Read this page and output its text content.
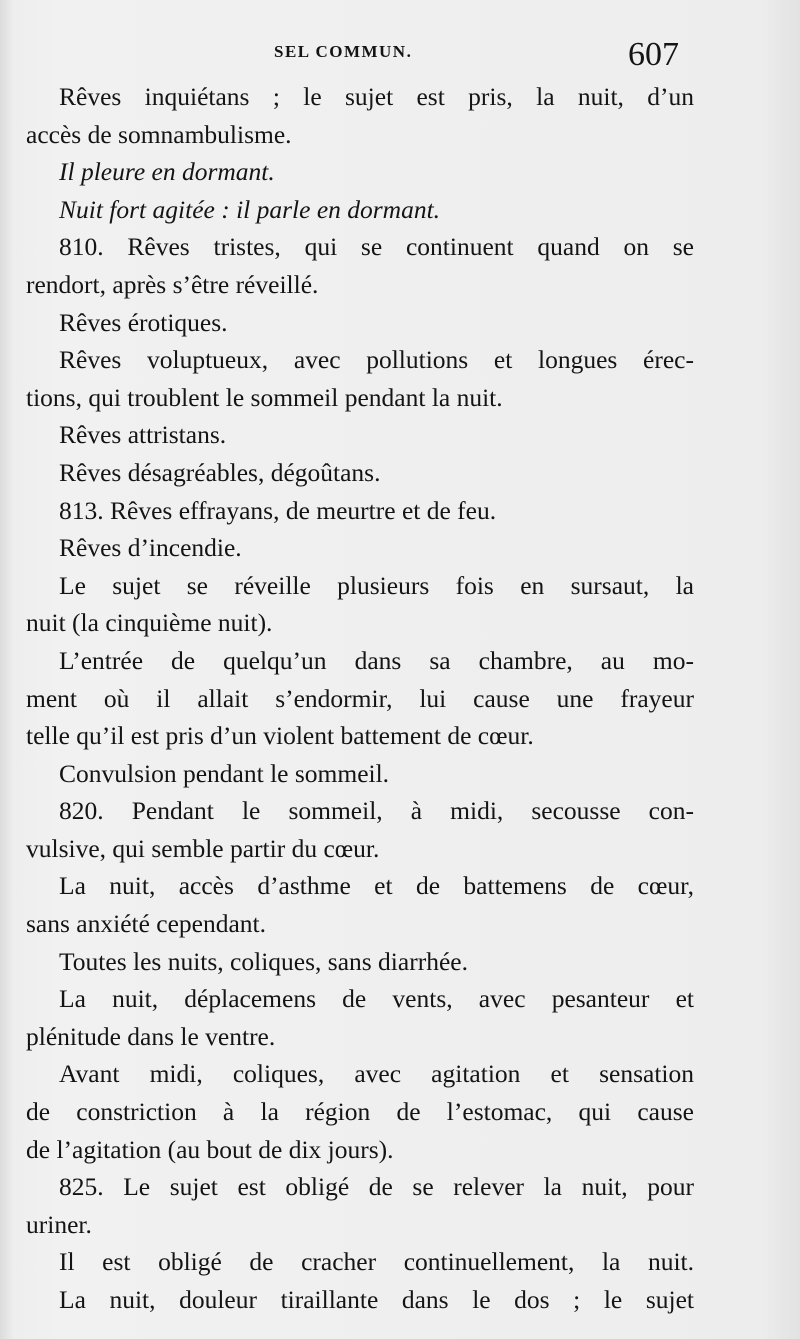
SEL COMMUN.	607
Rêves inquiétans ; le sujet est pris, la nuit, d’un
accès de somnambulisme.
Il pleure en dormant.
Nuit fort agitée : il parle en dormant.
810. Rêves tristes, qui se continuent quand on se
rendort, après s’être réveillé.
Rêves érotiques.
Rêves voluptueux, avec pollutions et longues érec-
tions, qui troublent le sommeil pendant la nuit.
Rêves attristans.
Rêves désagréables, dégoûtans.
813. Rêves effrayans, de meurtre et de feu.
Rêves d’incendie.
Le sujet se réveille plusieurs fois en sursaut, la
nuit (la cinquième nuit).
L’entrée de quelqu’un dans sa chambre, au mo-
ment où il allait s’endormir, lui cause une frayeur
telle qu’il est pris d’un violent battement de cœur.
Convulsion pendant le sommeil.
820. Pendant le sommeil, à midi, secousse con-
vulsive, qui semble partir du cœur.
La nuit, accès d’asthme et de battemens de cœur,
sans anxiété cependant.
Toutes les nuits, coliques, sans diarrhée.
La nuit, déplacemens de vents, avec pesanteur et
plénitude dans le ventre.
Avant midi, coliques, avec agitation et sensation
de constriction à la région de l’estomac, qui cause
de l’agitation (au bout de dix jours).
825. Le sujet est obligé de se relever la nuit, pour
uriner.
Il est obligé de cracher continuellement, la nuit.
La nuit, douleur tiraillante dans le dos ; le sujet
